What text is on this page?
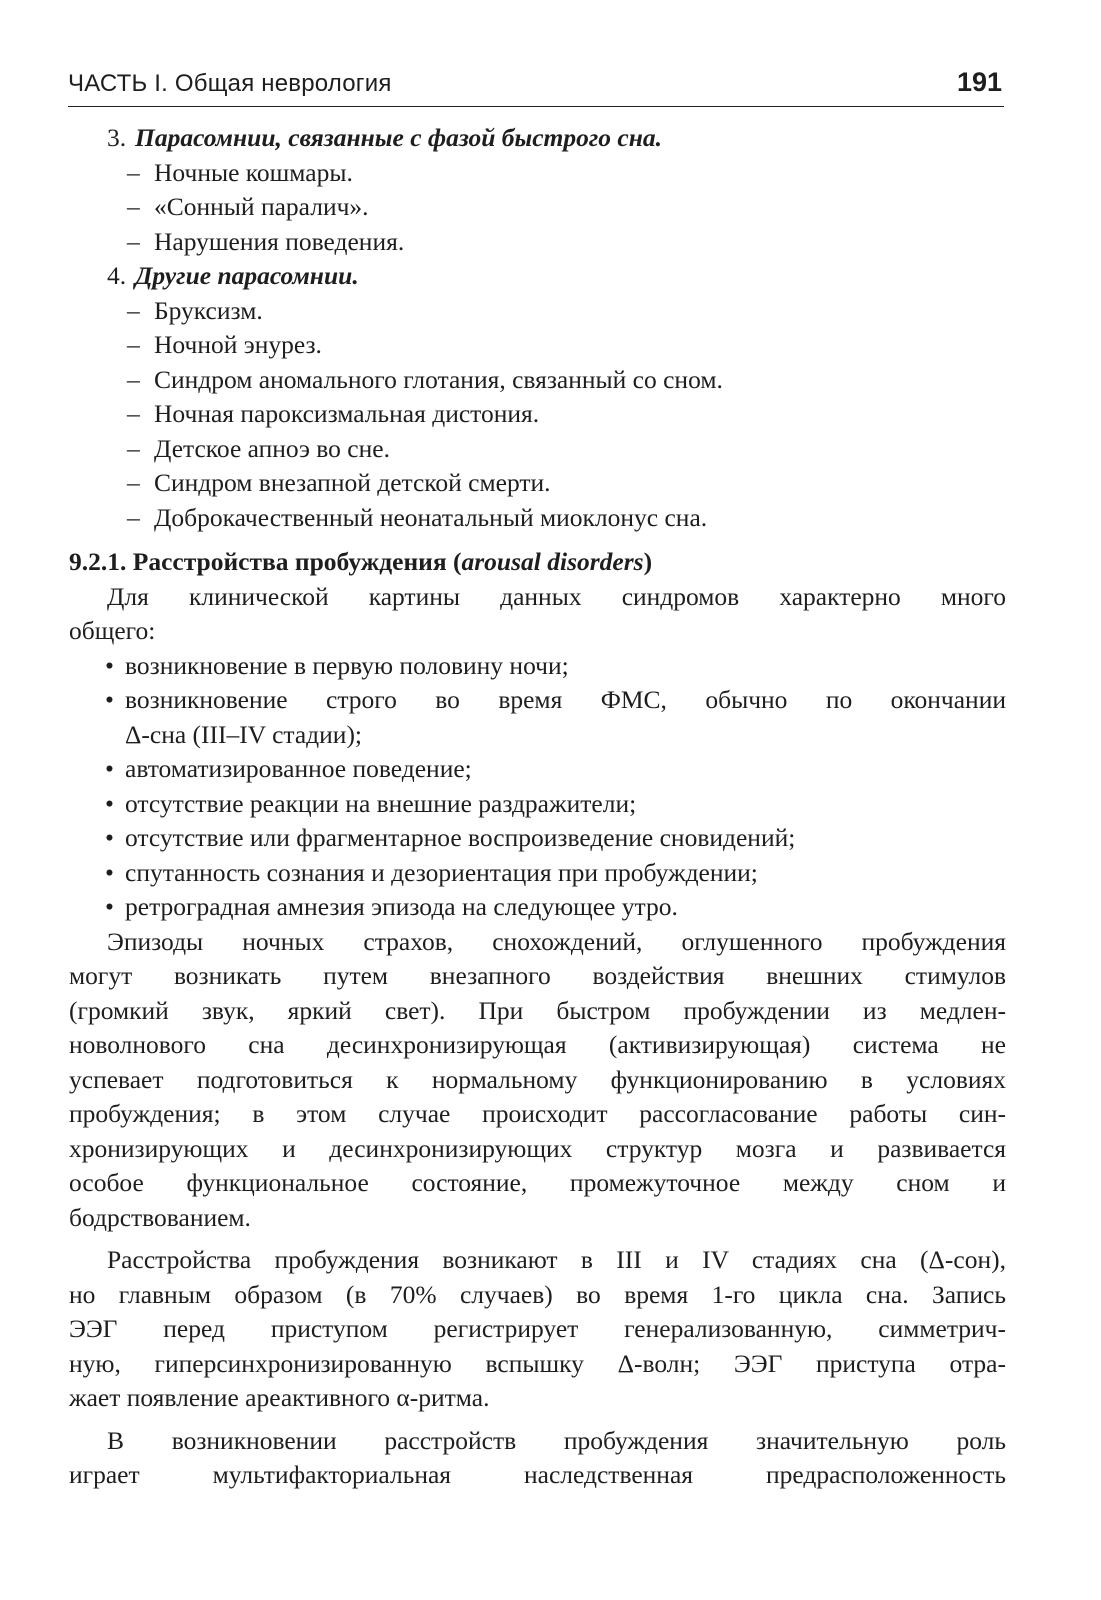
ЧАСТЬ I. Общая неврология	191
3. Парасомнии, связанные с фазой быстрого сна.
– Ночные кошмары.
– «Сонный паралич».
– Нарушения поведения.
4. Другие парасомнии.
– Бруксизм.
– Ночной энурез.
– Синдром аномального глотания, связанный со сном.
– Ночная пароксизмальная дистония.
– Детское апноэ во сне.
– Синдром внезапной детской смерти.
– Доброкачественный неонатальный миоклонус сна.
9.2.1. Расстройства пробуждения (arousal disorders)
Для клинической картины данных синдромов характерно много
общего:
• возникновение в первую половину ночи;
• возникновение строго во время ФМС, обычно по окончании
Δ-сна (III–IV стадии);
• автоматизированное поведение;
• отсутствие реакции на внешние раздражители;
• отсутствие или фрагментарное воспроизведение сновидений;
• спутанность сознания и дезориентация при пробуждении;
• ретроградная амнезия эпизода на следующее утро.
Эпизоды ночных страхов, снохождений, оглушенного пробуждения
могут возникать путем внезапного воздействия внешних стимулов
(громкий звук, яркий свет). При быстром пробуждении из медлен-
новолнового сна десинхронизирующая (активизирующая) система не
успевает подготовиться к нормальному функционированию в условиях
пробуждения; в этом случае происходит рассогласование работы син-
хронизирующих и десинхронизирующих структур мозга и развивается
особое функциональное состояние, промежуточное между сном и
бодрствованием.
Расстройства пробуждения возникают в III и IV стадиях сна (Δ-сон),
но главным образом (в 70% случаев) во время 1-го цикла сна. Запись
ЭЭГ перед приступом регистрирует генерализованную, симметрич-
ную, гиперсинхронизированную вспышку Δ-волн; ЭЭГ приступа отра-
жает появление ареактивного α-ритма.
В возникновении расстройств пробуждения значительную роль
играет мультифакториальная наследственная предрасположенность
